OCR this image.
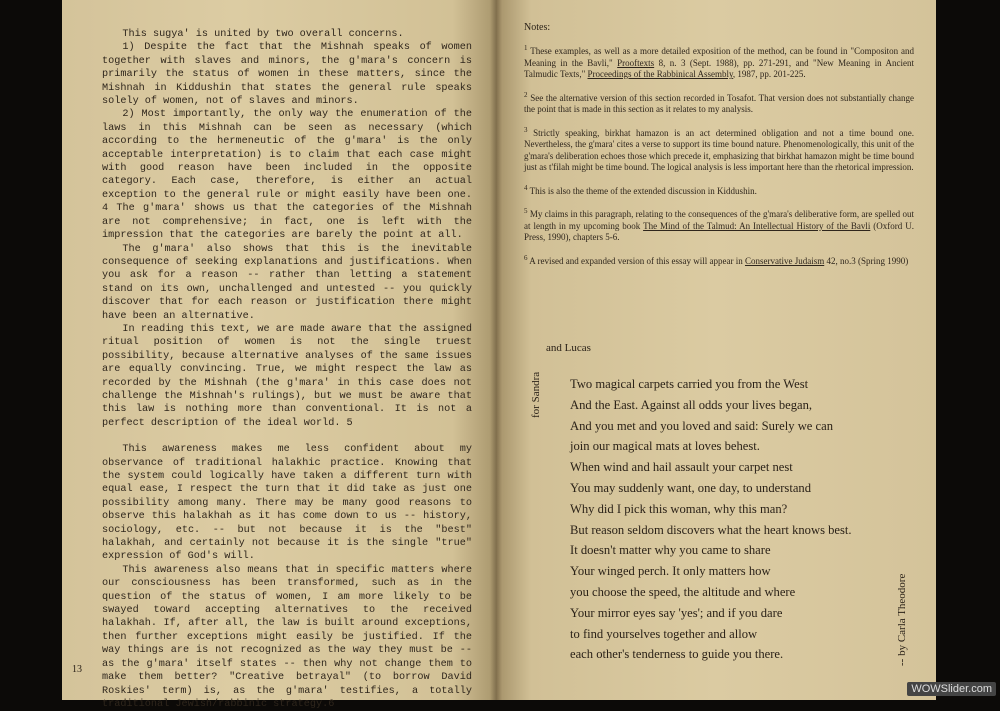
This sugya' is united by two overall concerns.

1) Despite the fact that the Mishnah speaks of women together with slaves and minors, the g'mara's concern is primarily the status of women in these matters, since the Mishnah in Kiddushin that states the general rule speaks solely of women, not of slaves and minors.

2) Most importantly, the only way the enumeration of the laws in this Mishnah can be seen as necessary (which according to the hermeneutic of the g'mara' is the only acceptable interpretation) is to claim that each case might with good reason have been included in the opposite category. Each case, therefore, is either an actual exception to the general rule or might easily have been one. 4 The g'mara' shows us that the categories of the Mishnah are not comprehensive; in fact, one is left with the impression that the categories are barely the point at all.

The g'mara' also shows that this is the inevitable consequence of seeking explanations and justifications. When you ask for a reason -- rather than letting a statement stand on its own, unchallenged and untested -- you quickly discover that for each reason or justification there might have been an alternative.

In reading this text, we are made aware that the assigned ritual position of women is not the single truest possibility, because alternative analyses of the same issues are equally convincing. True, we might respect the law as recorded by the Mishnah (the g'mara' in this case does not challenge the Mishnah's rulings), but we must be aware that this law is nothing more than conventional. It is not a perfect description of the ideal world. 5

This awareness makes me less confident about my observance of traditional halakhic practice. Knowing that the system could logically have taken a different turn with equal ease, I respect the turn that it did take as just one possibility among many. There may be many good reasons to observe this halakhah as it has come down to us -- history, sociology, etc. -- but not because it is the "best" halakhah, and certainly not because it is the single "true" expression of God's will.

This awareness also means that in specific matters where our consciousness has been transformed, such as in the question of the status of women, I am more likely to be swayed toward accepting alternatives to the received halakhah. If, after all, the law is built around exceptions, then further exceptions might easily be justified. If the way things are is not recognized as the way they must be -- as the g'mara' itself states -- then why not change them to make them better? "Creative betrayal" (to borrow David Roskies' term) is, as the g'mara' testifies, a totally traditional Jewish/rabbinic strategy.6

13
Notes:

$^1$ These examples, as well as a more detailed exposition of the method, can be found in "Compositon and Meaning in the Bavli," Prooftexts 8, n. 3 (Sept. 1988), pp. 271-291, and "New Meaning in Ancient Talmudic Texts," Proceedings of the Rabbinical Assembly, 1987, pp. 201-225.

$^2$ See the alternative version of this section recorded in Tosafot. That version does not substantially change the point that is made in this section as it relates to my analysis.

$^3$ Strictly speaking, birkhat hamazon is an act determined obligation and not a time bound one. Nevertheless, the g'mara' cites a verse to support its time bound nature. Phenomenologically, this unit of the g'mara's deliberation echoes those which precede it, emphasizing that birkhat hamazon might be time bound just as t'filah might be time bound. The logical analysis is less important here than the rhetorical impression.

$^4$ This is also the theme of the extended discussion in Kiddushin.

$^5$ My claims in this paragraph, relating to the consequences of the g'mara's deliberative form, are spelled out at length in my upcoming book The Mind of the Talmud: An Intellectual History of the Bavli (Oxford U. Press, 1990), chapters 5-6.

$^6$ A revised and expanded version of this essay will appear in Conservative Judaism 42, no.3 (Spring 1990)

and Lucas
for Sandra Two magical carpets carried you from the West
And the East. Against all odds your lives began,
And you met and you loved and said: Surely we can
join our magical mats at loves behest.
When wind and hail assault your carpet nest
You may suddenly want, one day, to understand
Why did I pick this woman, why this man?
But reason seldom discovers what the heart knows best.
It doesn't matter why you came to share
Your winged perch. It only matters how
you choose the speed, the altitude and where
Your mirror eyes say 'yes'; and if you dare
to find yourselves together and allow
each other's tenderness to guide you there.	-- by Carla Theodore
WOWSlider.com
